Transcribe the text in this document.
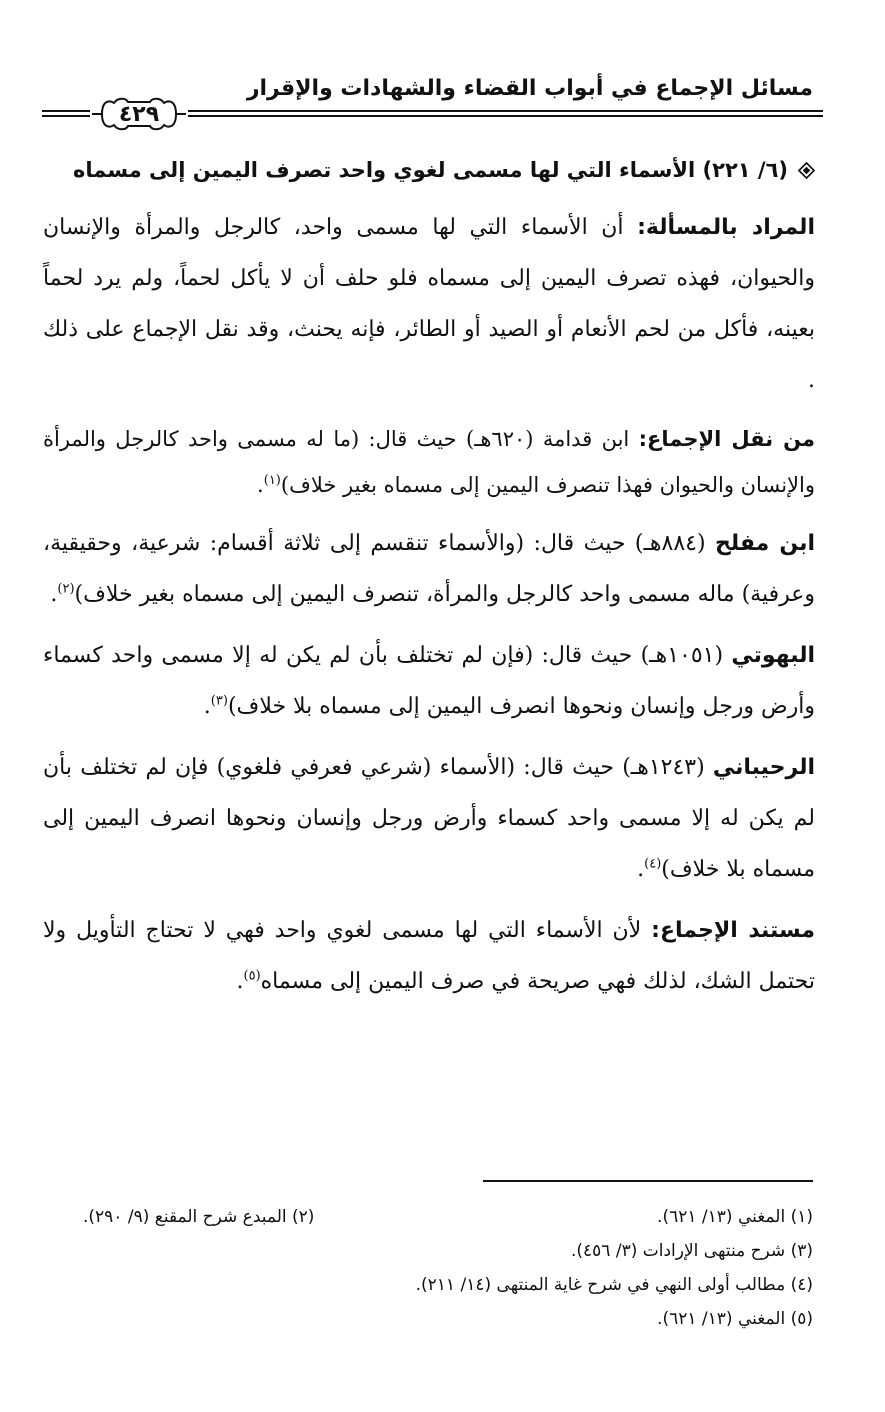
مسائل الإجماع في أبواب القضاء والشهادات والإقرار
٤٢٩
(٦/ ٢٢١) الأسماء التي لها مسمى لغوي واحد تصرف اليمين إلى مسماه

المراد بالمسألة: أن الأسماء التي لها مسمى واحد، كالرجل والمرأة والإنسان والحيوان، فهذه تصرف اليمين إلى مسماه فلو حلف أن لا يأكل لحماً، ولم يرد لحماً بعينه، فأكل من لحم الأنعام أو الصيد أو الطائر، فإنه يحنث، وقد نقل الإجماع على ذلك .

من نقل الإجماع: ابن قدامة (٦٢٠هـ) حيث قال: (ما له مسمى واحد كالرجل والمرأة والإنسان والحيوان فهذا تنصرف اليمين إلى مسماه بغير خلاف)$^{(١)}$.

ابن مفلح (٨٨٤هـ) حيث قال: (والأسماء تنقسم إلى ثلاثة أقسام: شرعية، وحقيقية، وعرفية) ماله مسمى واحد كالرجل والمرأة، تنصرف اليمين إلى مسماه بغير خلاف)$^{(٢)}$.

البهوتي (١٠٥١هـ) حيث قال: (فإن لم تختلف بأن لم يكن له إلا مسمى واحد كسماء وأرض ورجل وإنسان ونحوها انصرف اليمين إلى مسماه بلا خلاف)$^{(٣)}$.

الرحيباني (١٢٤٣هـ) حيث قال: (الأسماء (شرعي فعرفي فلغوي) فإن لم تختلف بأن لم يكن له إلا مسمى واحد كسماء وأرض ورجل وإنسان ونحوها انصرف اليمين إلى مسماه بلا خلاف)$^{(٤)}$.

مستند الإجماع: لأن الأسماء التي لها مسمى لغوي واحد فهي لا تحتاج التأويل ولا تحتمل الشك، لذلك فهي صريحة في صرف اليمين إلى مسماه$^{(٥)}$.

(١) المغني (١٣/ ٦٢١).
(٢) المبدع شرح المقنع (٩/ ٢٩٠).
(٣) شرح منتهى الإرادات (٣/ ٤٥٦).
(٤) مطالب أولى النهي في شرح غاية المنتهى (١٤/ ٢١١).
(٥) المغني (١٣/ ٦٢١).
